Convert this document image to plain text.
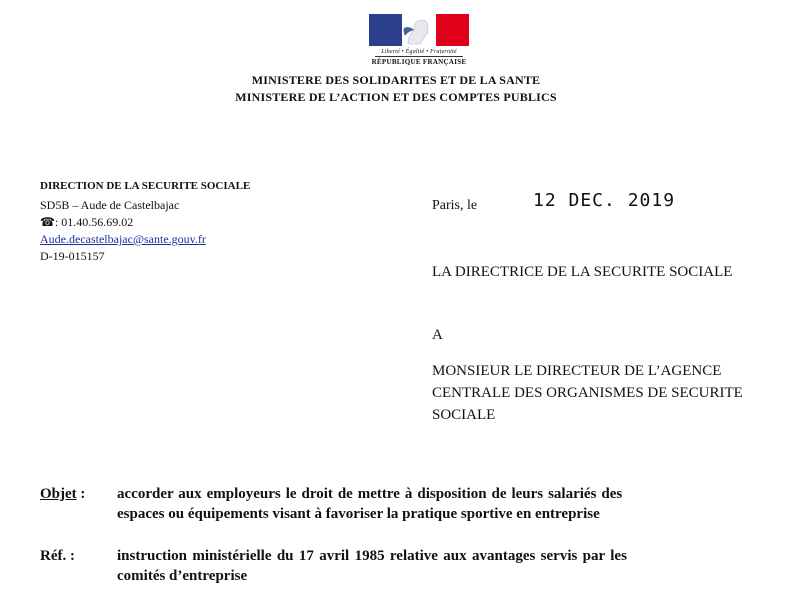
Liberté • Égalité • Fraternité
RÉPUBLIQUE FRANÇAISE
MINISTERE DES SOLIDARITES ET DE LA SANTE
MINISTERE DE L’ACTION ET DES COMPTES PUBLICS
DIRECTION DE LA SECURITE SOCIALE
SD5B – Aude de Castelbajac
☎: 01.40.56.69.02
Aude.decastelbajac@sante.gouv.fr
D-19-015157
Paris, le	12 DEC. 2019
LA DIRECTRICE DE LA SECURITE SOCIALE
A
MONSIEUR LE DIRECTEUR DE L’AGENCE
CENTRALE DES ORGANISMES DE SECURITE
SOCIALE
Objet : accorder aux employeurs le droit de mettre à disposition de leurs salariés des
espaces ou équipements visant à favoriser la pratique sportive en entreprise
Réf. :	instruction ministérielle du 17 avril 1985 relative aux avantages servis par les
comités d’entreprise
